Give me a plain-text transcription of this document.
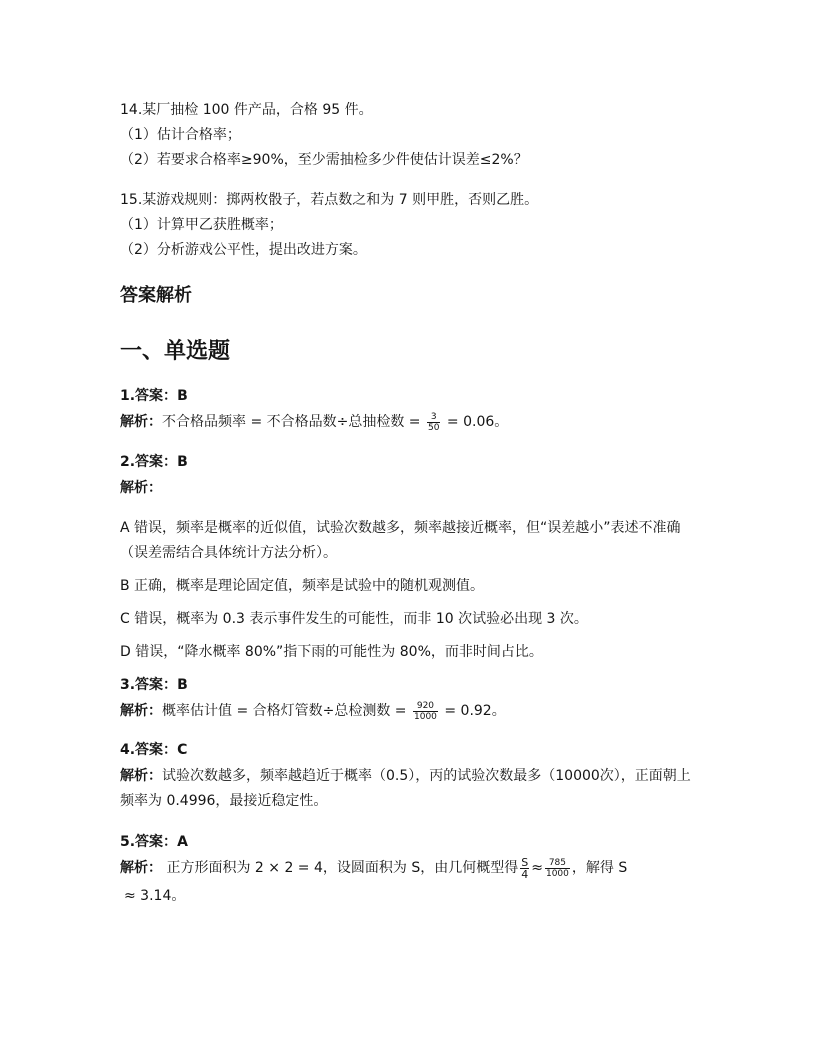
14.某厂抽检 100 件产品，合格 95 件。
（1）估计合格率；
（2）若要求合格率≥90%，至少需抽检多少件使估计误差≤2%？
15.某游戏规则：掷两枚骰子，若点数之和为 7 则甲胜，否则乙胜。
（1）计算甲乙获胜概率；
（2）分析游戏公平性，提出改进方案。
答案解析
一、单选题
1.答案：B
解析：不合格品频率 = 不合格品数÷总抽检数 = $\frac{3}{50} = 0.06$。
2.答案：B
解析：
A 错误，频率是概率的近似值，试验次数越多，频率越接近概率，但“误差越小”表述不准确（误差需结合具体统计方法分析）。
B 正确，概率是理论固定值，频率是试验中的随机观测值。
C 错误，概率为 0.3 表示事件发生的可能性，而非 10 次试验必出现 3 次。
D 错误，“降水概率 80%”指下雨的可能性为 80%，而非时间占比。
3.答案：B
解析：概率估计值 = 合格灯管数÷总检测数 = $\frac{920}{1000} = 0.92$。
4.答案：C
解析：试验次数越多，频率越趋近于概率（0.5），丙的试验次数最多（10000次），正面朝上频率为 0.4996，最接近稳定性。
5.答案：A
解析： 正方形面积为 2 × 2 = 4，设圆面积为 S，由几何概型得 $\frac{S}{4} \approx \frac{785}{1000}$ ，解得 S
≈ 3.14。
